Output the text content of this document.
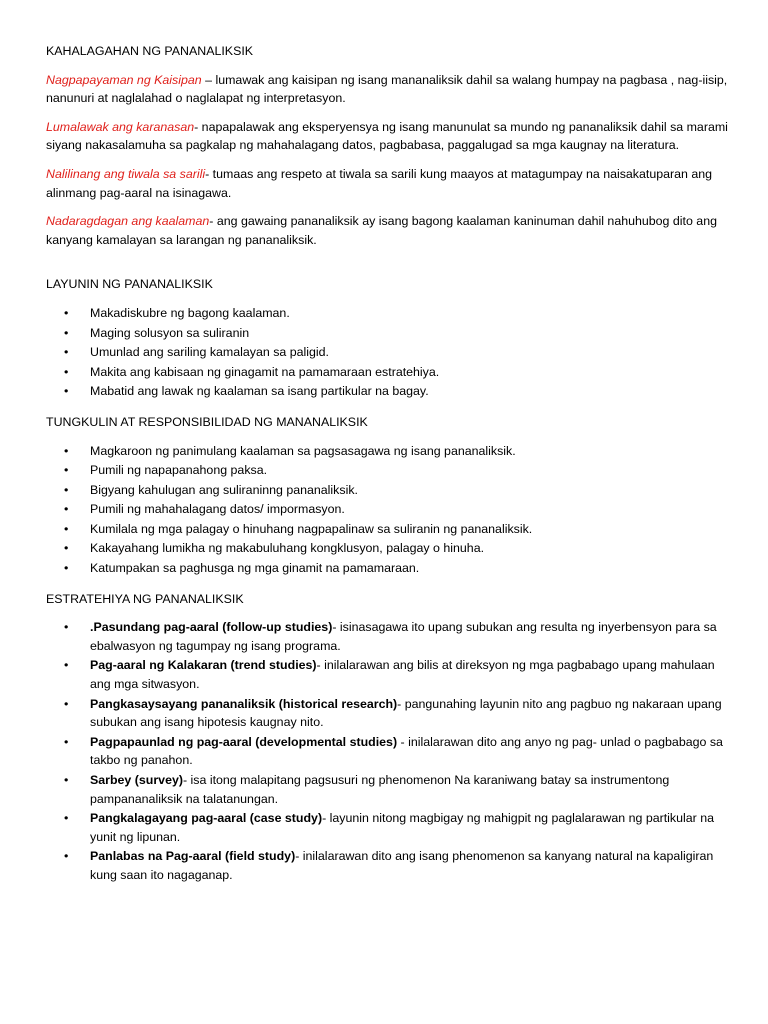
KAHALAGAHAN NG PANANALIKSIK

Nagpapayaman ng Kaisipan – lumawak ang kaisipan ng isang mananaliksik dahil sa walang humpay na pagbasa , nag-iisip, nanunuri at naglalahad o naglalapat ng interpretasyon.

Lumalawak ang karanasan- napapalawak ang eksperyensya ng isang manunulat sa mundo ng pananaliksik dahil sa marami siyang nakasalamuha sa pagkalap ng mahahalagang datos, pagbabasa, paggalugad sa mga kaugnay na literatura.

Nalilinang ang tiwala sa sarili- tumaas ang respeto at tiwala sa sarili kung maayos at matagumpay na naisakatuparan ang alinmang pag-aaral na isinagawa.

Nadaragdagan ang kaalaman- ang gawaing pananaliksik ay isang bagong kaalaman kaninuman dahil nahuhubog dito ang kanyang kamalayan sa larangan ng pananaliksik.

LAYUNIN NG PANANALIKSIK
• Makadiskubre ng bagong kaalaman.
• Maging solusyon sa suliranin
• Umunlad ang sariling kamalayan sa paligid.
• Makita ang kabisaan ng ginagamit na pamamaraan estratehiya.
• Mabatid ang lawak ng kaalaman sa isang partikular na bagay.
TUNGKULIN AT RESPONSIBILIDAD NG MANANALIKSIK
• Magkaroon ng panimulang kaalaman sa pagsasagawa ng isang pananaliksik.
• Pumili ng napapanahong paksa.
• Bigyang kahulugan ang suliraninng pananaliksik.
• Pumili ng mahahalagang datos/ impormasyon.
• Kumilala ng mga palagay o hinuhang nagpapalinaw sa suliranin ng pananaliksik.
• Kakayahang lumikha ng makabuluhang kongklusyon, palagay o hinuha.
• Katumpakan sa paghusga ng mga ginamit na pamamaraan.
ESTRATEHIYA NG PANANALIKSIK
• .Pasundang pag-aaral (follow-up studies)- isinasagawa ito upang subukan ang resulta ng inyerbensyon para sa ebalwasyon ng tagumpay ng isang programa.
• Pag-aaral ng Kalakaran (trend studies)- inilalarawan ang bilis at direksyon ng mga pagbabago upang mahulaan ang mga sitwasyon.
• Pangkasaysayang pananaliksik (historical research)- pangunahing layunin nito ang pagbuo ng nakaraan upang subukan ang isang hipotesis kaugnay nito.
• Pagpapaunlad ng pag-aaral (developmental studies) - inilalarawan dito ang anyo ng pag- unlad o pagbabago sa takbo ng panahon.
• Sarbey (survey)- isa itong malapitang pagsusuri ng phenomenon Na karaniwang batay sa instrumentong pampananaliksik na talatanungan.
• Pangkalagayang pag-aaral (case study)- layunin nitong magbigay ng mahigpit ng paglalarawan ng partikular na yunit ng lipunan.
• Panlabas na Pag-aaral (field study)- inilalarawan dito ang isang phenomenon sa kanyang natural na kapaligiran kung saan ito nagaganap.
